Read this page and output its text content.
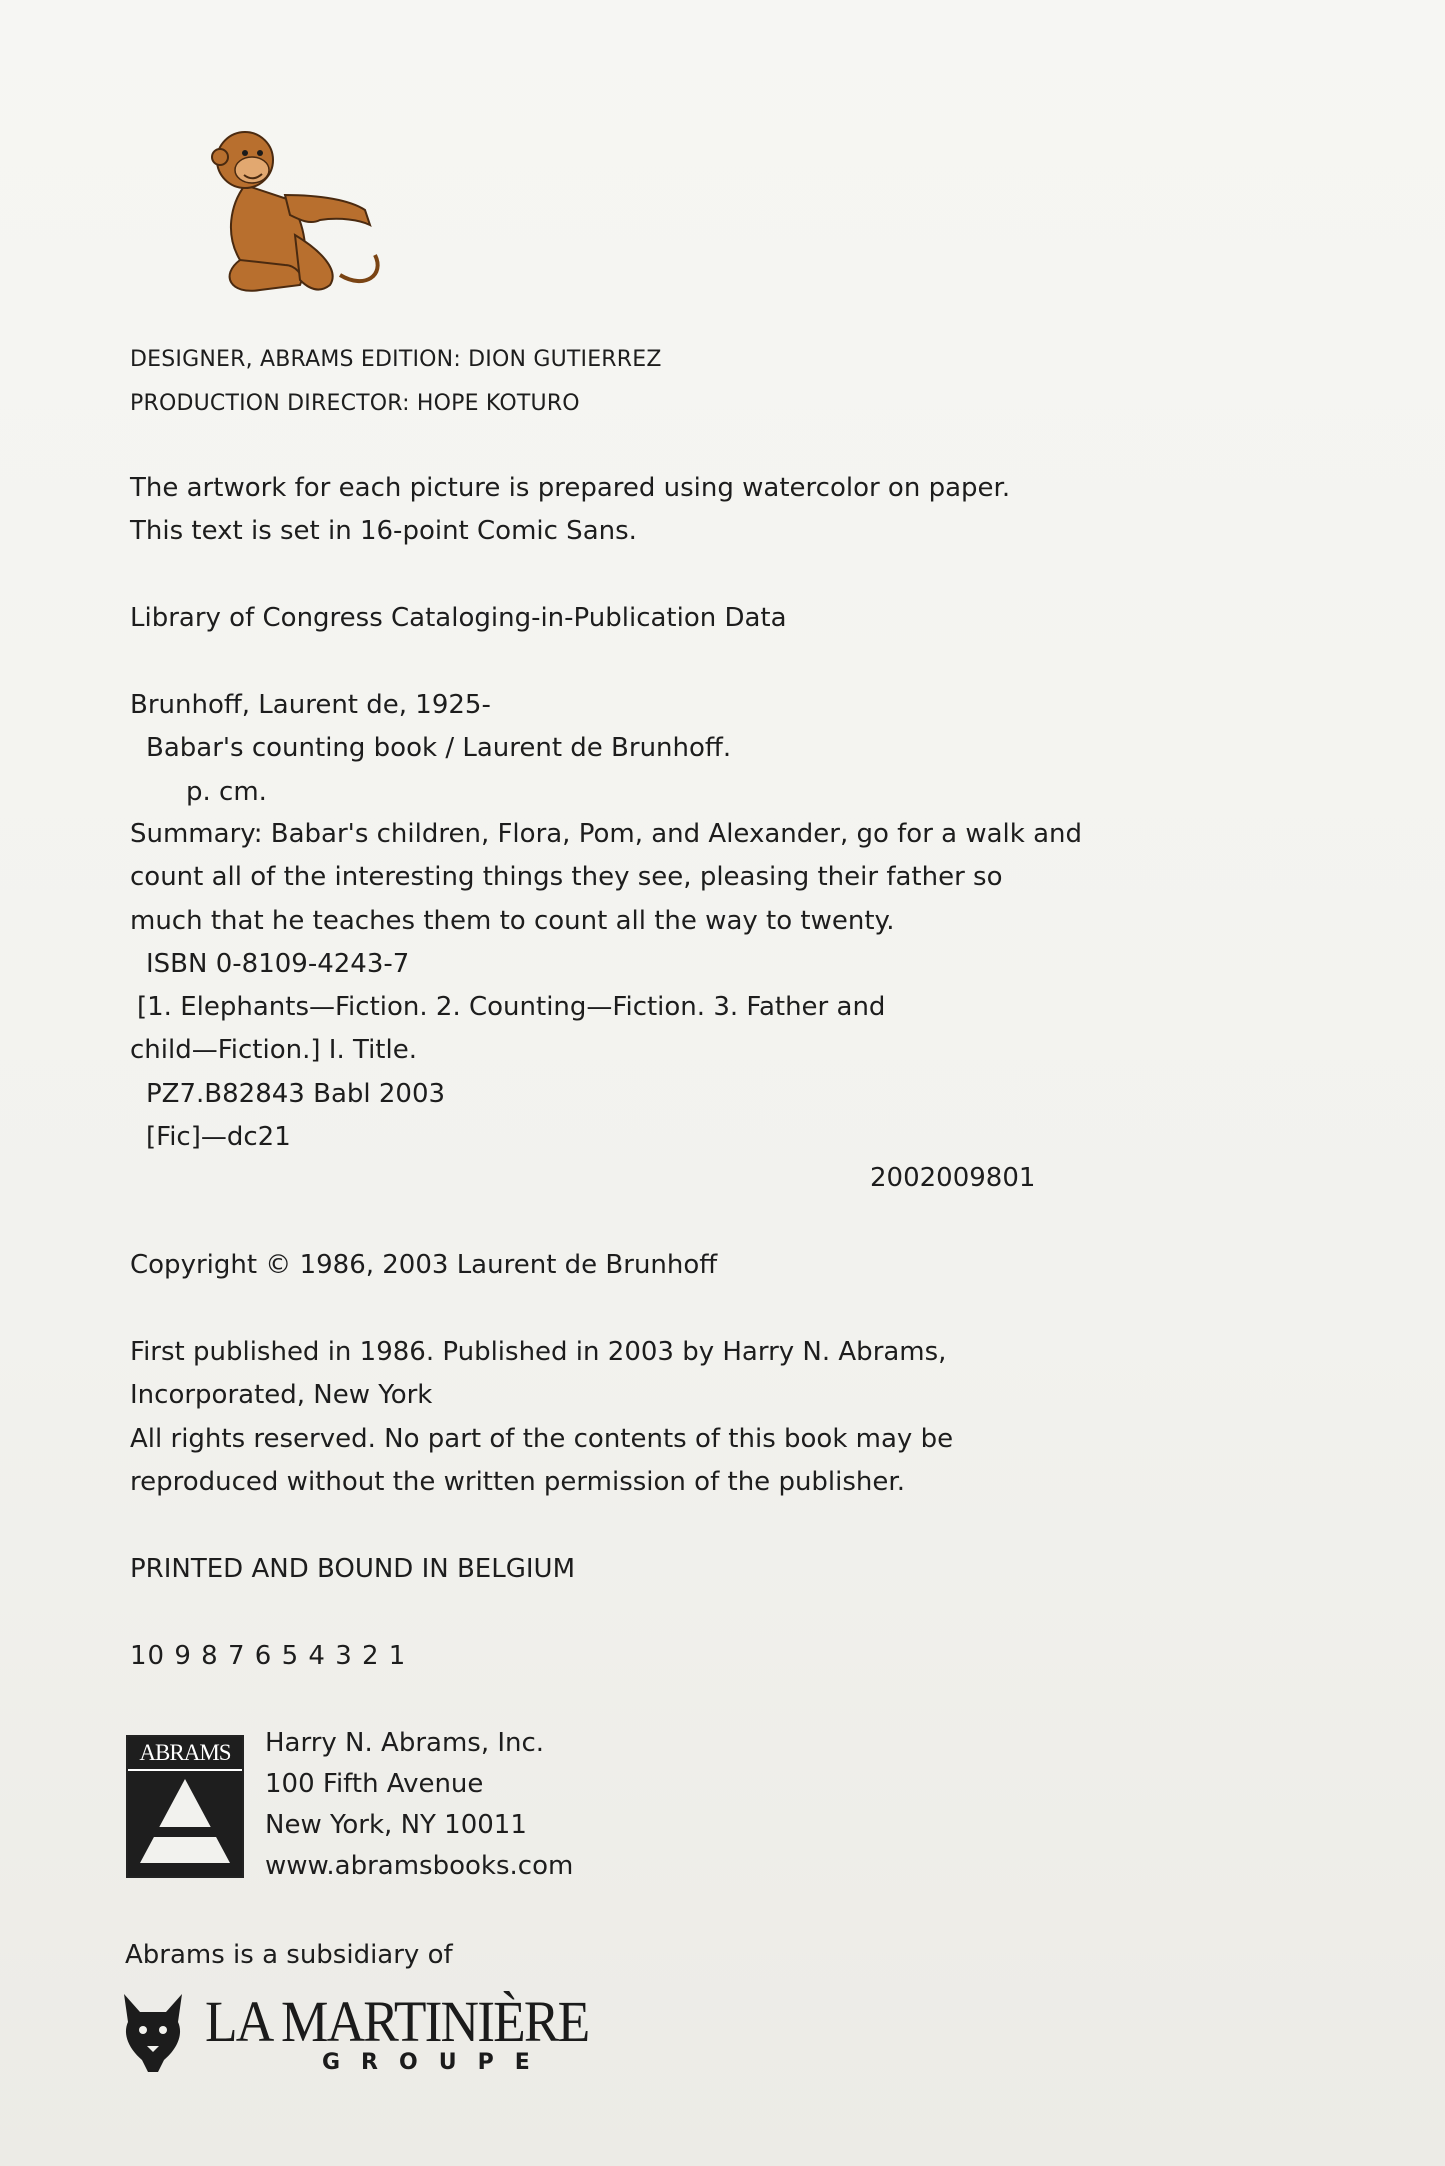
DESIGNER, ABRAMS EDITION: DION GUTIERREZ
PRODUCTION DIRECTOR: HOPE KOTURO
The artwork for each picture is prepared using watercolor on paper.
This text is set in 16-point Comic Sans.
Library of Congress Cataloging-in-Publication Data
Brunhoff, Laurent de, 1925-
Babar's counting book / Laurent de Brunhoff.
p. cm.
Summary: Babar's children, Flora, Pom, and Alexander, go for a walk and
count all of the interesting things they see, pleasing their father so
much that he teaches them to count all the way to twenty.
ISBN 0-8109-4243-7
[1. Elephants—Fiction. 2. Counting—Fiction. 3. Father and
child—Fiction.] I. Title.
PZ7.B82843 Babl 2003
[Fic]—dc21
2002009801
Copyright © 1986, 2003 Laurent de Brunhoff
First published in 1986. Published in 2003 by Harry N. Abrams,
Incorporated, New York
All rights reserved. No part of the contents of this book may be
reproduced without the written permission of the publisher.
PRINTED AND BOUND IN BELGIUM
10 9 8 7 6 5 4 3 2 1
ABRAMS	Harry N. Abrams, Inc.
100 Fifth Avenue
New York, NY 10011
www.abramsbooks.com
Abrams is a subsidiary of
LA MARTINIÈRE
GROUPE
